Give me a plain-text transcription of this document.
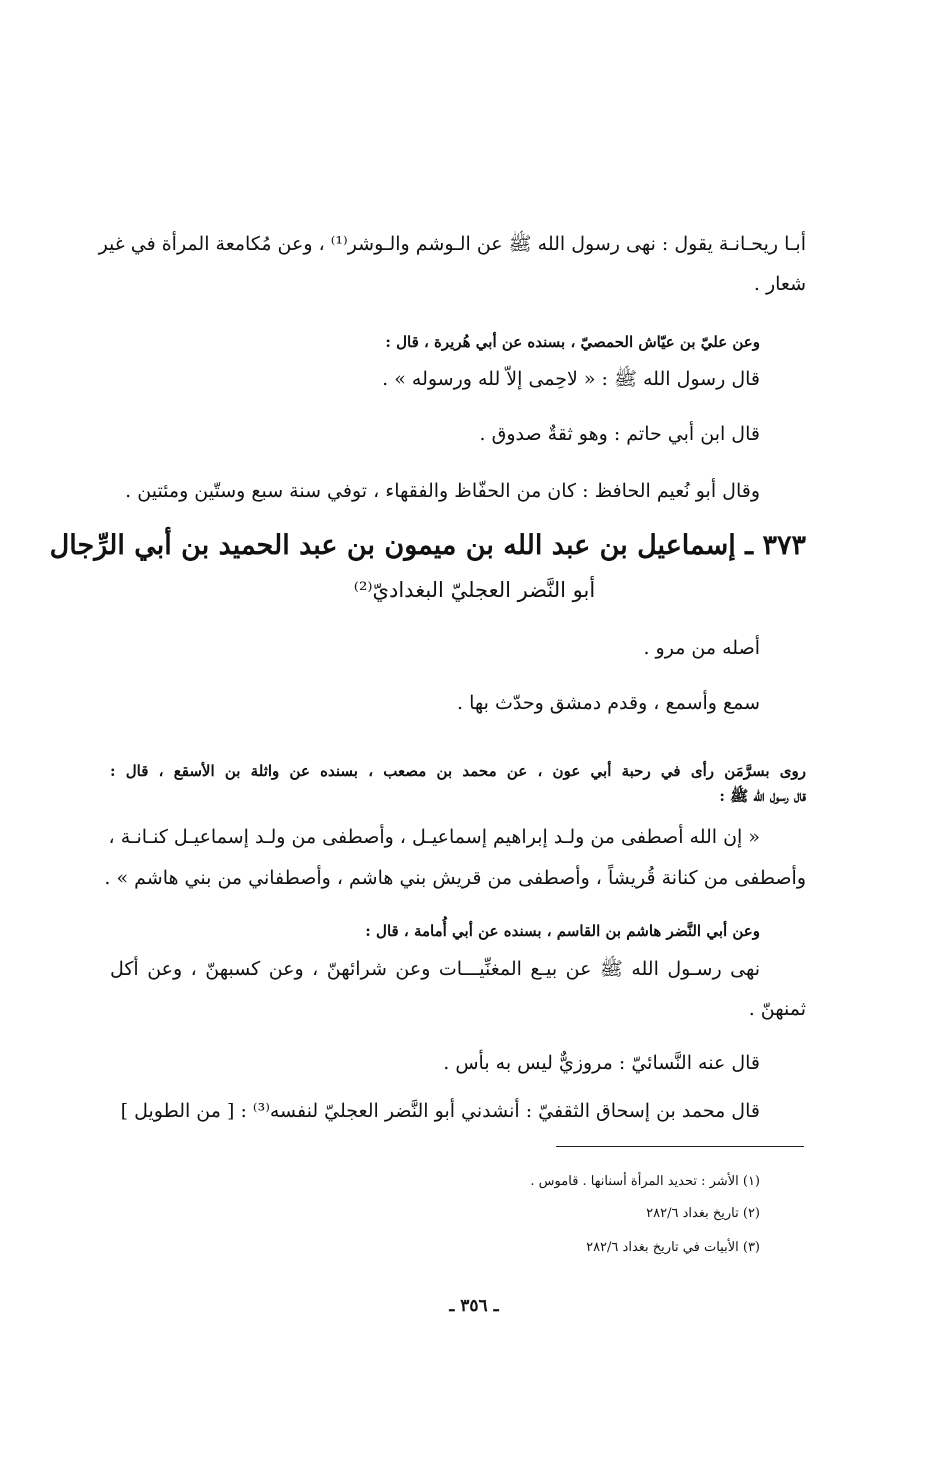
أبـا ريحـانـة يقول : نهى رسول الله ﷺ عن الـوشم والـوشر⁽¹⁾ ، وعن مُكامعة المرأة في غير
شعار .
وعن عليّ بن عيّاش الحمصيّ ، بسنده عن أبي هُريرة ، قال :
قال رسول الله ﷺ : « لاحِمى إلاّ لله ورسوله » .
قال ابن أبي حاتم : وهو ثقةٌ صدوق .
وقال أبو نُعيم الحافظ : كان من الحفّاظ والفقهاء ، توفي سنة سبع وستّين ومئتين .
٣٧٣ ـ إسماعيل بن عبد الله بن ميمون بن عبد الحميد بن أبي الرِّجال
أبو النَّضر العجليّ البغداديّ⁽²⁾
أصله من مرو .
سمع وأسمع ، وقدم دمشق وحدّث بها .
روى بسرَّمَن رأى في رحبة أبي عون ، عن محمد بن مصعب ، بسنده عن واثلة بن الأسقع ، قال :
قال رسول الله ﷺ :
« إن الله أصطفى من ولـد إبراهيم إسماعيـل ، وأصطفى من ولـد إسماعيـل كنـانـة ،
وأصطفى من كنانة قُريشاً ، وأصطفى من قريش بني هاشم ، وأصطفاني من بني هاشم » .
وعن أبي النَّضر هاشم بن القاسم ، بسنده عن أبي أُمامة ، قال :
نهى رسـول الله ﷺ عن بيـع المغنِّيـــات وعن شرائهنّ ، وعن كسبهنّ ، وعن أكل
ثمنهنّ .
قال عنه النَّسائيّ : مروزيٌّ ليس به بأس .
قال محمد بن إسحاق الثقفيّ : أنشدني أبو النَّضر العجليّ لنفسه⁽³⁾ : [ من الطويل ]
(١) الأشر : تحديد المرأة أسنانها . قاموس .
(٢) تاريخ بغداد ٢٨٢/٦
(٣) الأبيات في تاريخ بغداد ٢٨٢/٦
ـ ٣٥٦ ـ
